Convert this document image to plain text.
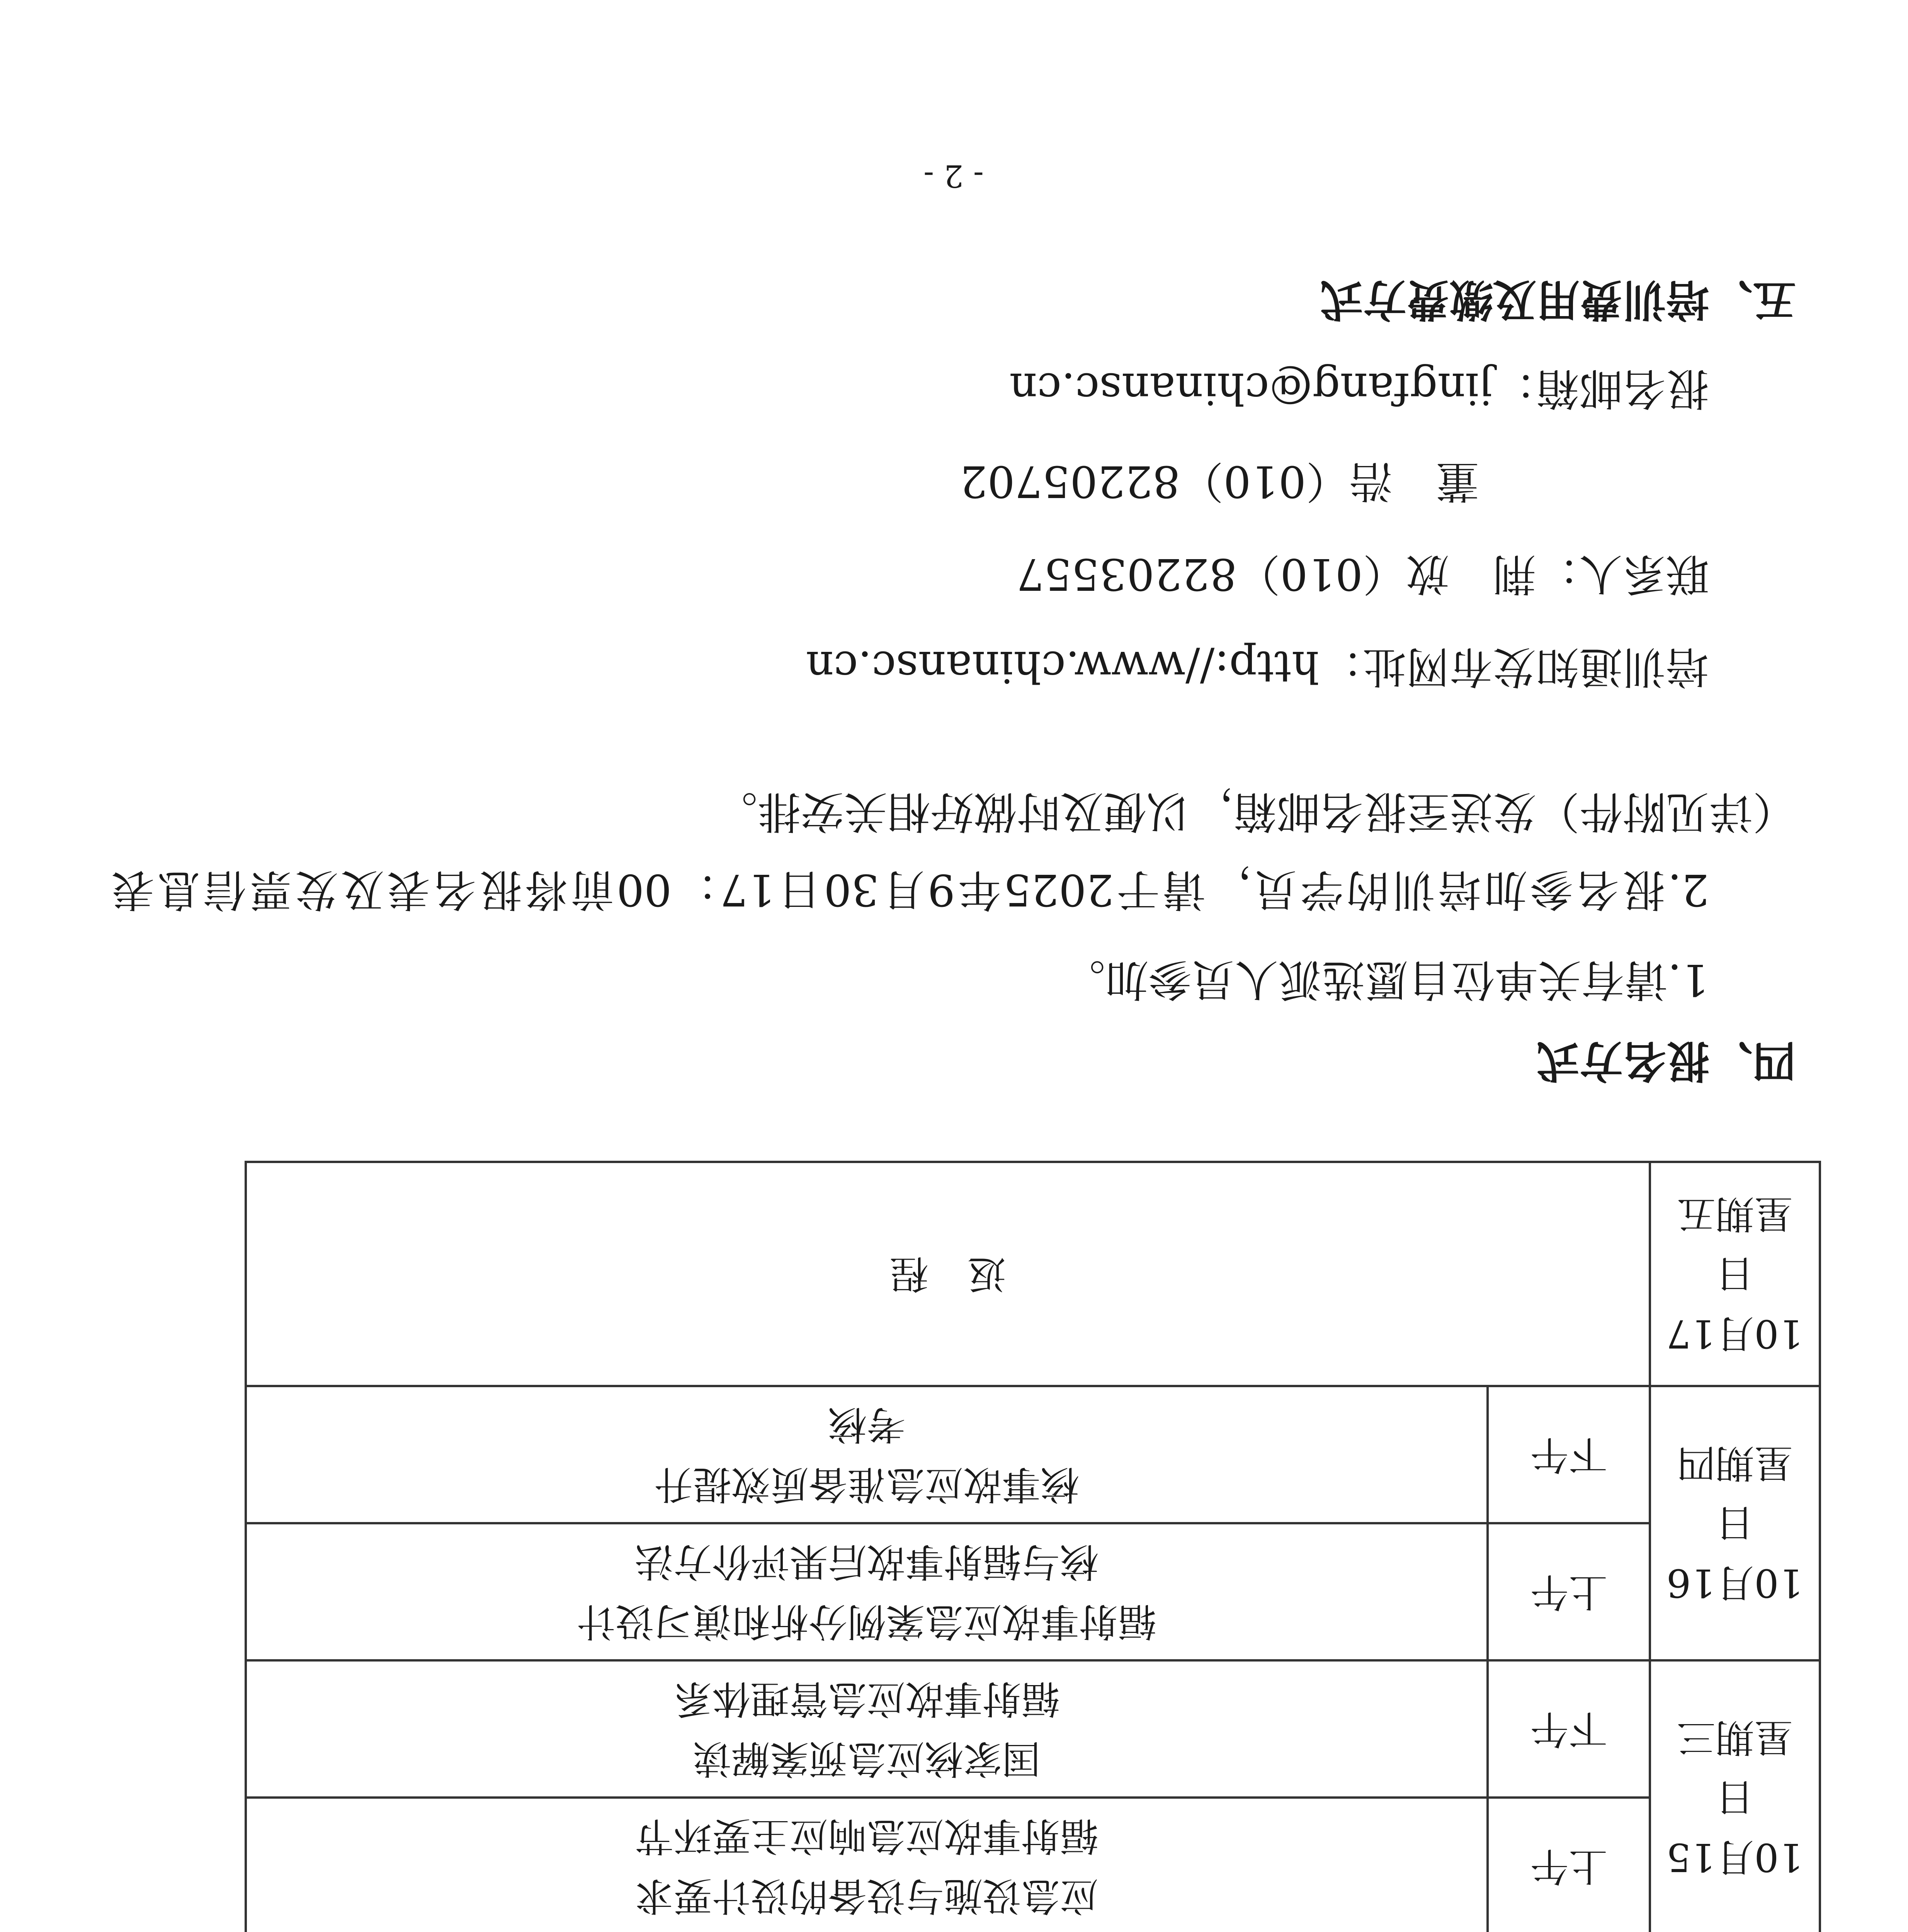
10月15日
星期三	上午	应急设施与设备的设计要求
辐射事故应急响应主要环节

	下午	国家核应急预案解读
辐射事故应急管理体系

10月16日
星期四	上午	辐射事故应急案例分析和演习设计
核与辐射事故后果评价方法

	下午	核事故应急准备质效提升
考核

10月17日
星期五	返　程	
四、报名方式
1.请有关单位自愿选派人员参加。
2.报名参加培训的学员，请于2025年9月30日17：00前将报名表及发票信息表（详见附件）发送至报名邮箱，以便及时做好相关安排。
培训通知发布网址：http://www.chinansc.cn
联系人：荆　放（010）82203557
董　浩（010）82205702
报名邮箱：jingfang@chinansc.cn
五、培训费用及缴费方式
- 2 -
